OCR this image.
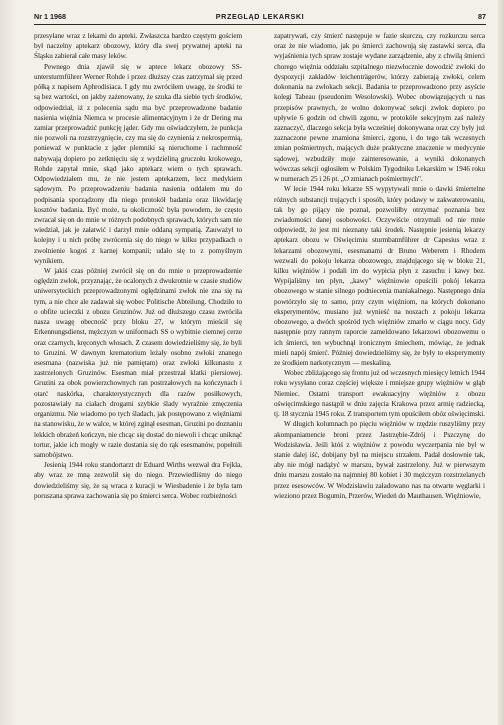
Nr 1 1968	PRZEGLĄD LEKARSKI	87

przesyłane wraz z lekami do apteki. Zwłaszcza bardzo częstym gościem był naczelny aptekarz obozowy, który dla swej prywatnej apteki na Śląsku zabierał całe masy leków.

Pewnego dnia zjawił się w aptece lekarz obozowy SS-untersturmführer Werner Rohde i przez dłuższy czas zatrzymał się przed półką z napisem Aphrodisiaca. I gdy mu zwróciłem uwagę, że środki te są bez wartości, on jakby zażenowany, że szuka dla siebie tych środków, odpowiedział, iż z polecenia sądu ma być przeprowadzone badanie nasienia więźnia Niemca w procesie alimentacyjnym i że dr Dering ma zamiar przeprowadzić punkcję jąder. Gdy mu oświadczyłem, że punkcja nie pozwoli na rozstrzygnięcie, czy ma się do czynienia z nekrospermią, poniewaź w punktacie z jąder plemniki są nieruchome i rachmność nabywają dopiero po zetknięciu się z wydzieliną gruczołu krokowego, Rohde zapytał mnie, skąd jako aptekarz wiem o tych sprawach. Odpowiedziałem mu, że nie jestem aptekarzem, lecz medykiem sądowym. Po przeprowadzeniu badania nasienia oddałem mu do podpisania sporządzony dla niego protokół badania oraz likwidację kosztów badania. Być może, ta okoliczność była powodem, że często zwracał się on do mnie w różnych podobnych sprawach, których sam nie wiedział, jak je załatwić i darzył mnie oddaną sympatią. Zauważył to kolejny i u nich próbę zwrócenia się do niego w kilku przypadkach o zwolnienie kogoś z karnej kompanii; udało się to z pomyślnym wynikiem.

W jakiś czas później zwrócił się on do mnie o przeprowadzenie oględzin zwłok, przyznając, że ocalonych z dwukrotnie w czasie studiów uniwersyteckich przeprowadzonymi oględzinami zwłok nie zna się na tym, a nie chce ale zadawał się wobec Politische Abteilung. Chodziło to o obfite ucieczki z obozu Gruzinów. Już od dłuższego czasu zwróciła nasza uwagę obecność przy bloku 27, w którym mieścił się Erkennungsdienst, mężczyzn w uniformach SS o wybitnie ciemnej cerze oraz czarnych, kręconych włosach. Z czasem dowiedzieliśmy się, że byli to Gruzini. W dawnym krematorium leżały osobno zwłoki znanego esesmana (nazwiska już nie pamiętam) oraz zwłoki kilkunastu z zastrzelonych Gruzinów. Esesman miał przestrzał klatki piersiowej. Gruzini za obok powierzchownych ran postrzałowych na kończynach i otarć naskórka, charakterystycznych dla razów posiłkowych, pozostawiały na ciałach drogami szybkie ślady wyraźnie zmęczenia organizmu. Nie wiadomo po tych śladach, jak postępowano z więźniami na stanowisku, że w walce, w której zginął esesman, Gruzini po doznaniu lekkich obrażeń kończyn, nie chcąc się dostać do niewoli i chcąc uniknąć tortur, jakie ich mogły w razie dostania się do rąk esesmanów, popełnili samobójstwo.

Jesienią 1944 roku standortarzt dr Eduard Wirths wezwał dra Fejkla, aby wraz ze mną zezwolił się do niego. Przewiedliśmy do niego dowiedzieliśmy się, że są wraca z kuracji w Wiesbadenie i że była tam poruszana sprawa zachowania się po śmierci serca. Wobec rozbieżności

zapatrywań, czy śmierć następuje w fazie skurczu, czy rozkurczu serca oraz że nie wiadomo, jak po śmierci zachowują się zastawki serca, dla wyjaśnienia tych spraw zostaje wydane zarządzenie, aby z chwilą śmierci chorego więźnia oddziału szpitalnego niezwłocznie dowodzić zwłoki do dyspozycji zakładów leichenträgerów, którzy zabierają zwłoki, celem dokonania na zwłokach sekcji. Badania te przeprowadzono przy asyście kolegi Tabeau (pseudonim Wesolowski). Wobec obowiązujących u nas przepisów prawnych, że wolno dokonywać sekcji zwłok dopiero po upływie 6 godzin od chwili zgonu, w protokóle sekcyjnym zaś należy zaznaczyć, dlaczego sekcja była wcześniej dokonywana oraz czy były już zaznaczone pewne znamiona śmierci, zgonu, i do tego tak wczesnych zmian pośmiertnych, mających duże praktyczne znaczenie w medycynie sądowej, wzbudziły moje zainteresowanie, a wyniki dokonanych wówczas sekcji ogłosiłem w Polskim Tygodniku Lekarskim w 1946 roku w numerach 25 i 26 pt. „O zmianach pośmiertnych".

W lecie 1944 roku lekarze SS wypytywali mnie o dawki śmiertelne różnych substancji trujących i sposób, który podawy w zakwaterowaniu, tak by go pijący nie poznał, pozwoliłby otrzymać poznania bez zwiadomości danej osobowości. Oczywiście otrzymali od nie mnie odpowiedź, że jest mi nieznany taki środek. Następnie jesienią lekarzy aptekarz obozu w Oświęcimiu sturmbannführer dr Capesius wraz z lekarzami obozowymi, esesmanami dr Bruno Weberem i Rhodem wezwali do pokoju lekarza obozowego, znajdującego się w bloku 21, kilku więźniów i podali im do wypicia płyn z zasuchu i kawy bez. Wypijaliśmy ten płyn, „kawy" więźniowie opuścili pokój lekarza obozowego w stanie silnego podniecenia maniakalnego. Następnego dnia powtórzyło się to samo, przy czym więźniom, na których dokonano eksperymentów, musiano już wynieść na noszach z pokoju lekarza obozowego, a dwóch spośród tych więźniów zmarło w ciągu nocy. Gdy następnie przy rannym raporcie zameldowano lekarzowi obozowemu o ich śmierci, ten wybuchnął ironicznym śmiechem, mówiąc, że jednak mieli napój śmierć. Później dowiedzieliśmy się, że były to eksperymenty ze środkiem narkotycznym — meskaliną.

Wobec zbliżającego się frontu już od wczesnych miesięcy letnich 1944 roku wysyłano coraz częściej większe i mniejsze grupy więźniów w głąb Niemiec. Ostatni transport ewakuacyjny więźniów z obozu oświęcimskiego nastąpił w dniu zajęcia Krakowa przez armię radziecką, tj. 18 stycznia 1945 roku. Z transportem tym opuściłem obóz oświęcimski.

W długich kolumnach po pięciu więźniów w rzędzie ruszyliśmy przy akompaniamencie broni przez Jastrzębie-Zdrój i Pszczynę do Wodzisławia. Jeśli któś z więźniów z powodu wyczerpania nie był w stanie dalej iść, dobijany był na miejscu strzałem. Padał dosłownie tak, aby nie mógł nadążyć w marszu, bywał zastrzelony. Już w pierwszym dniu marszu zostało na najmniej 80 kobiet i 30 mężczyzn rozstrzelanych przez esesowców. W Wodzisławiu załadowano nas na otwarte węglarki i wieziono przez Bogumin, Przerów, Wiedeń do Mauthausen. Więźniowie,
